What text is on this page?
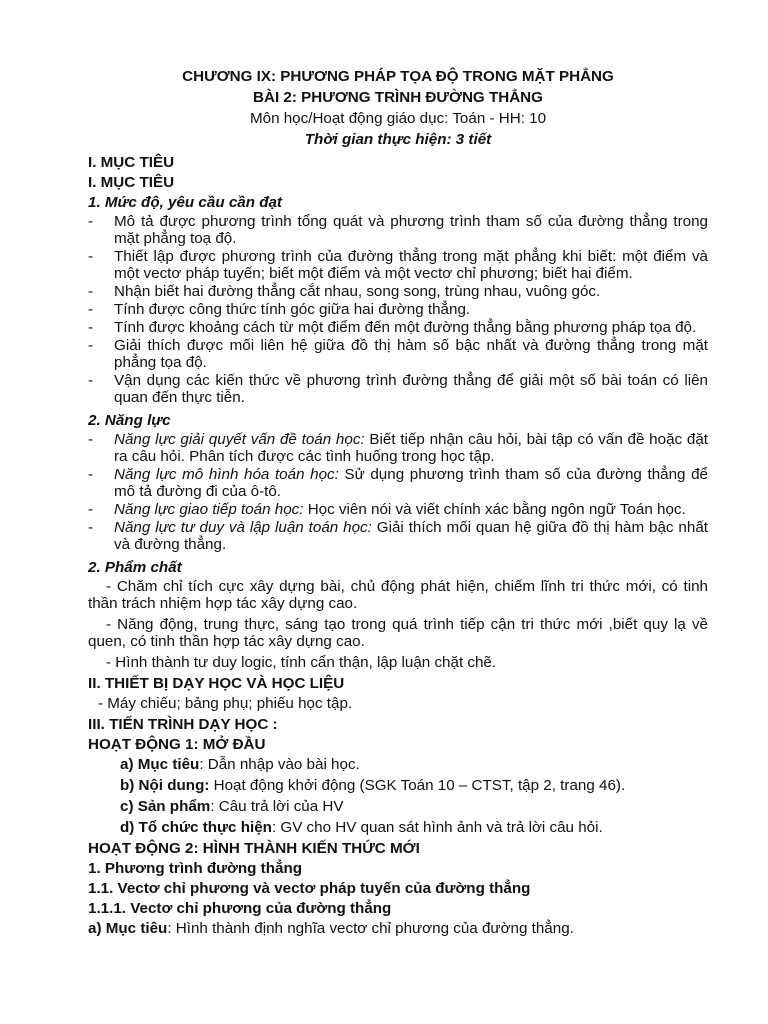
CHƯƠNG IX: PHƯƠNG PHÁP TỌA ĐỘ TRONG MẶT PHẲNG
BÀI 2: PHƯƠNG TRÌNH ĐƯỜNG THẲNG
Môn học/Hoạt động giáo dục: Toán - HH: 10
Thời gian thực hiện: 3 tiết
I. MỤC TIÊU
I. MỤC TIÊU
1. Mức độ, yêu cầu cần đạt
- Mô tả được phương trình tổng quát và phương trình tham số của đường thẳng trong mặt phẳng toạ độ.
- Thiết lập được phương trình của đường thẳng trong mặt phẳng khi biết: một điểm và một vectơ pháp tuyến; biết một điểm và một vectơ chỉ phương; biết hai điểm.
- Nhận biết hai đường thẳng cắt nhau, song song, trùng nhau, vuông góc.
- Tính được công thức tính góc giữa hai đường thẳng.
- Tính được khoảng cách từ một điểm đến một đường thẳng bằng phương pháp tọa độ.
- Giải thích được mối liên hệ giữa đồ thị hàm số bậc nhất và đường thẳng trong mặt phẳng tọa độ.
- Vận dụng các kiến thức về phương trình đường thẳng để giải một số bài toán có liên quan đến thực tiễn.
2. Năng lực
- Năng lực giải quyết vấn đề toán học: Biết tiếp nhận câu hỏi, bài tập có vấn đề hoặc đặt ra câu hỏi. Phân tích được các tình huống trong học tập.
- Năng lực mô hình hóa toán học: Sử dụng phương trình tham số của đường thẳng để mô tả đường đi của ô-tô.
- Năng lực giao tiếp toán học: Học viên nói và viết chính xác bằng ngôn ngữ Toán học.
- Năng lực tư duy và lập luận toán học: Giải thích mối quan hệ giữa đồ thị hàm bậc nhất và đường thẳng.
2. Phẩm chất
- Chăm chỉ tích cực xây dựng bài, chủ động phát hiện, chiếm lĩnh tri thức mới, có tinh thần trách nhiệm hợp tác xây dựng cao.
- Năng động, trung thực, sáng tạo trong quá trình tiếp cận tri thức mới ,biết quy lạ về quen, có tinh thần hợp tác xây dựng cao.
- Hình thành tư duy logic, tính cẩn thận, lập luận chặt chẽ.
II. THIẾT BỊ DẠY HỌC VÀ HỌC LIỆU
- Máy chiếu; bảng phụ; phiếu học tập.
III. TIẾN TRÌNH DẠY HỌC :
HOẠT ĐỘNG 1: MỞ ĐẦU
a) Mục tiêu: Dẫn nhập vào bài học.
b) Nội dung: Hoạt động khởi động (SGK Toán 10 – CTST, tập 2, trang 46).
c) Sản phẩm: Câu trả lời của HV
d) Tổ chức thực hiện: GV cho HV quan sát hình ảnh và trả lời câu hỏi.
HOẠT ĐỘNG 2: HÌNH THÀNH KIẾN THỨC MỚI
1. Phương trình đường thẳng
1.1. Vectơ chỉ phương và vectơ pháp tuyến của đường thẳng
1.1.1. Vectơ chỉ phương của đường thẳng
a) Mục tiêu: Hình thành định nghĩa vectơ chỉ phương của đường thẳng.
